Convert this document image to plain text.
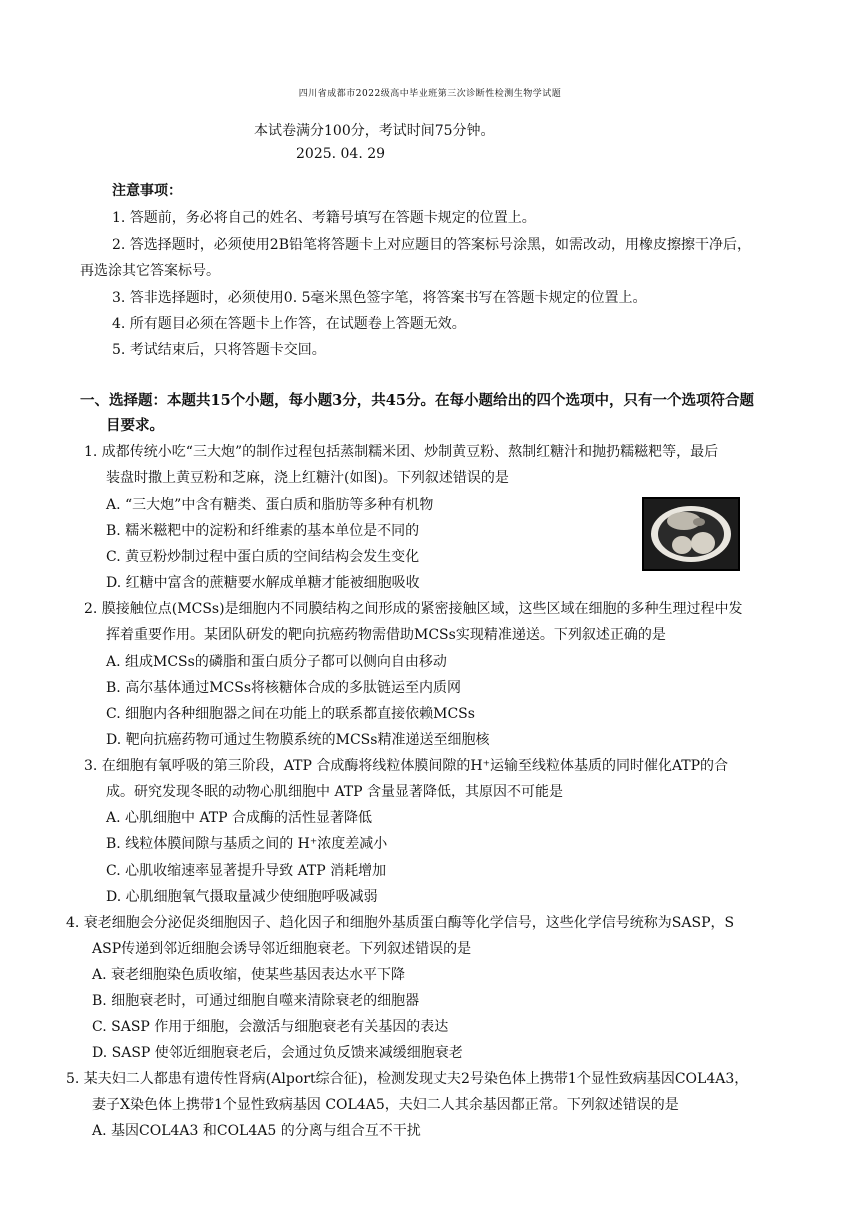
四川省成都市2022级高中毕业班第三次诊断性检测生物学试题
本试卷满分100分，考试时间75分钟。
2025. 04. 29
注意事项：
1. 答题前，务必将自己的姓名、考籍号填写在答题卡规定的位置上。
2. 答选择题时，必须使用2B铅笔将答题卡上对应题目的答案标号涂黑，如需改动，用橡皮擦擦干净后，
再选涂其它答案标号。
3. 答非选择题时，必须使用0. 5毫米黑色签字笔，将答案书写在答题卡规定的位置上。
4. 所有题目必须在答题卡上作答，在试题卷上答题无效。
5. 考试结束后，只将答题卡交回。
一、选择题：本题共15个小题，每小题3分，共45分。在每小题给出的四个选项中，只有一个选项符合题
目要求。
1. 成都传统小吃“三大炮”的制作过程包括蒸制糯米团、炒制黄豆粉、熬制红糖汁和抛扔糯糍粑等，最后
装盘时撒上黄豆粉和芝麻，浇上红糖汁(如图)。下列叙述错误的是
A. “三大炮”中含有糖类、蛋白质和脂肪等多种有机物
B. 糯米糍粑中的淀粉和纤维素的基本单位是不同的
C. 黄豆粉炒制过程中蛋白质的空间结构会发生变化
D. 红糖中富含的蔗糖要水解成单糖才能被细胞吸收
2. 膜接触位点(MCSs)是细胞内不同膜结构之间形成的紧密接触区域，这些区域在细胞的多种生理过程中发
挥着重要作用。某团队研发的靶向抗癌药物需借助MCSs实现精准递送。下列叙述正确的是
A. 组成MCSs的磷脂和蛋白质分子都可以侧向自由移动
B. 高尔基体通过MCSs将核糖体合成的多肽链运至内质网
C. 细胞内各种细胞器之间在功能上的联系都直接依赖MCSs
D. 靶向抗癌药物可通过生物膜系统的MCSs精准递送至细胞核
3. 在细胞有氧呼吸的第三阶段，ATP 合成酶将线粒体膜间隙的H⁺运输至线粒体基质的同时催化ATP的合
成。研究发现冬眠的动物心肌细胞中 ATP 含量显著降低，其原因不可能是
A. 心肌细胞中 ATP 合成酶的活性显著降低
B. 线粒体膜间隙与基质之间的 H⁺浓度差减小
C. 心肌收缩速率显著提升导致 ATP 消耗增加
D. 心肌细胞氧气摄取量减少使细胞呼吸减弱
4. 衰老细胞会分泌促炎细胞因子、趋化因子和细胞外基质蛋白酶等化学信号，这些化学信号统称为SASP，S
ASP传递到邻近细胞会诱导邻近细胞衰老。下列叙述错误的是
A. 衰老细胞染色质收缩，使某些基因表达水平下降
B. 细胞衰老时，可通过细胞自噬来清除衰老的细胞器
C. SASP 作用于细胞，会激活与细胞衰老有关基因的表达
D. SASP 使邻近细胞衰老后，会通过负反馈来减缓细胞衰老
5. 某夫妇二人都患有遗传性肾病(Alport综合征)，检测发现丈夫2号染色体上携带1个显性致病基因COL4A3，
妻子X染色体上携带1个显性致病基因 COL4A5，夫妇二人其余基因都正常。下列叙述错误的是
A. 基因COL4A3 和COL4A5 的分离与组合互不干扰
